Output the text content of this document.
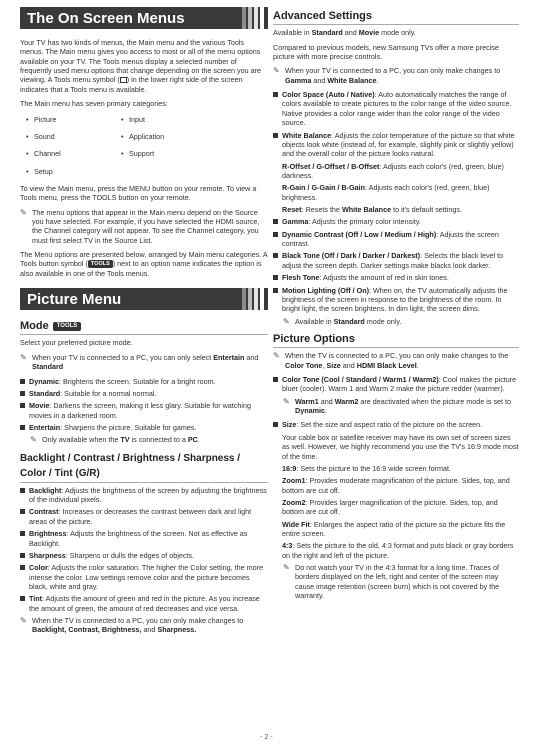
The On Screen Menus

Your TV has two kinds of menus, the Main menu and the various Tools menus. The Main menu gives you access to most or all of the menu options available on your TV. The Tools menus display a selected number of frequently used menu options that change depending on the screen you are viewing. A Tools menu symbol ( ) in the lower right side of the screen indicates that a Tools menu is available.

The Main menu has seven primary categories:

• Picture	• Input
• Sound	• Application
• Channel	• Support
• Setup

To view the Main menu, press the MENU button on your remote. To view a Tools menu, press the TOOLS button on your remote.

✎ The menu options that appear in the Main menu depend on the Source you have selected. For example, if you have selected the HDMI source, the Channel category will not appear. To see the Channel category, you must first select TV in the Source List.

The Menu options are presented below, arranged by Main menu categories. A Tools button symbol ( TOOLS ) next to an option name indicates the option is also available in one of the Tools menus.

Picture Menu
Mode	TOOLS

Select your preferred picture mode.

✎ When your TV is connected to a PC, you can only select Entertain and Standard
Dynamic: Brightens the screen. Suitable for a bright room.
Standard: Suitable for a normal normal.
Movie: Darkens the screen, making it less glary. Suitable for watching movies in a darkened room.
Entertain: Sharpens the picture. Suitable for games.
✎ Only available when the TV is connected to a PC.
Backlight / Contrast / Brightness / Sharpness /
Color / Tint (G/R)
Backlight: Adjusts the brightness of the screen by adjusting the brightness of the individual pixels.
Contrast: Increases or decreases the contrast between dark and light areas of the picture.
Brightness: Adjusts the brightness of the screen. Not as effective as Backlight.
Sharpness: Sharpens or dulls the edges of objects.
Color: Adjusts the color saturation. The higher the Color setting, the more intense the color. Low settings remove color and the picture becomes black, white and gray.
Tint: Adjusts the amount of green and red in the picture. As you increase the amount of green, the amount of red decreases and vice versa.
✎ When the TV is connected to a PC, you can only make changes to Backlight, Contrast, Brightness, and Sharpness.
Advanced Settings

Available in Standard and Movie mode only.

Compared to previous models, new Samsung TVs offer a more precise picture with more precise controls.

✎ When your TV is connected to a PC, you can only make changes to Gamma and White Balance.
Color Space (Auto / Native): Auto automatically matches the range of colors available to create pictures to the color range of the video source. Native provides a color range wider than the color range of the video source.
White Balance: Adjusts the color temperature of the picture so that white objects look white (instead of, for example, slightly pink or slightly yellow) and the overall color of the picture looks natural.
R-Offset / G-Offset / B-Offset: Adjusts each color's (red, green, blue) darkness.
R-Gain / G-Gain / B-Gain: Adjusts each color's (red, green, blue) brightness.
Reset: Resets the White Balance to it's default settings.
Gamma: Adjusts the primary color intensity.
Dynamic Contrast (Off / Low / Medium / High): Adjusts the screen contrast.
Black Tone (Off / Dark / Darker / Darkest): Selects the black level to adjust the screen depth. Darker settings make blacks look darker.
Flesh Tone: Adjusts the amount of red in skin tones.
Motion Lighting (Off / On): When on, the TV automatically adjusts the brightness of the screen in response to the brightness of the room. In bright light, the screen brightens. In dim light, the screen dims.
✎ Available in Standard mode only.
Picture Options
✎ When the TV is connected to a PC, you can only make changes to the Color Tone, Size and HDMI Black Level.
Color Tone (Cool / Standard / Warm1 / Warm2): Cool makes the picture bluer (cooler). Warm 1 and Warm 2 make the picture redder (warmer).
✎ Warm1 and Warm2 are deactivated when the picture mode is set to Dynamic.
Size: Set the size and aspect ratio of the picture on the screen.
Your cable box or satellite receiver may have its own set of screen sizes as well. However, we highly recommend you use the TV's 16:9 mode most of the time.
16:9: Sets the picture to the 16:9 wide screen format.
Zoom1: Provides moderate magnification of the picture. Sides, top, and bottom are cut off.
Zoom2: Provides larger magnification of the picture. Sides, top, and bottom are cut off.
Wide Fit: Enlarges the aspect ratio of the picture so the picture fits the entire screen.
4:3: Sets the picture to the old, 4:3 format and puts black or gray borders on the right and left of the picture.
✎ Do not watch your TV in the 4:3 format for a long time. Traces of borders displayed on the left, right and center of the screen may cause image retention (screen burn) which is not covered by the warranty.
- 2 -
